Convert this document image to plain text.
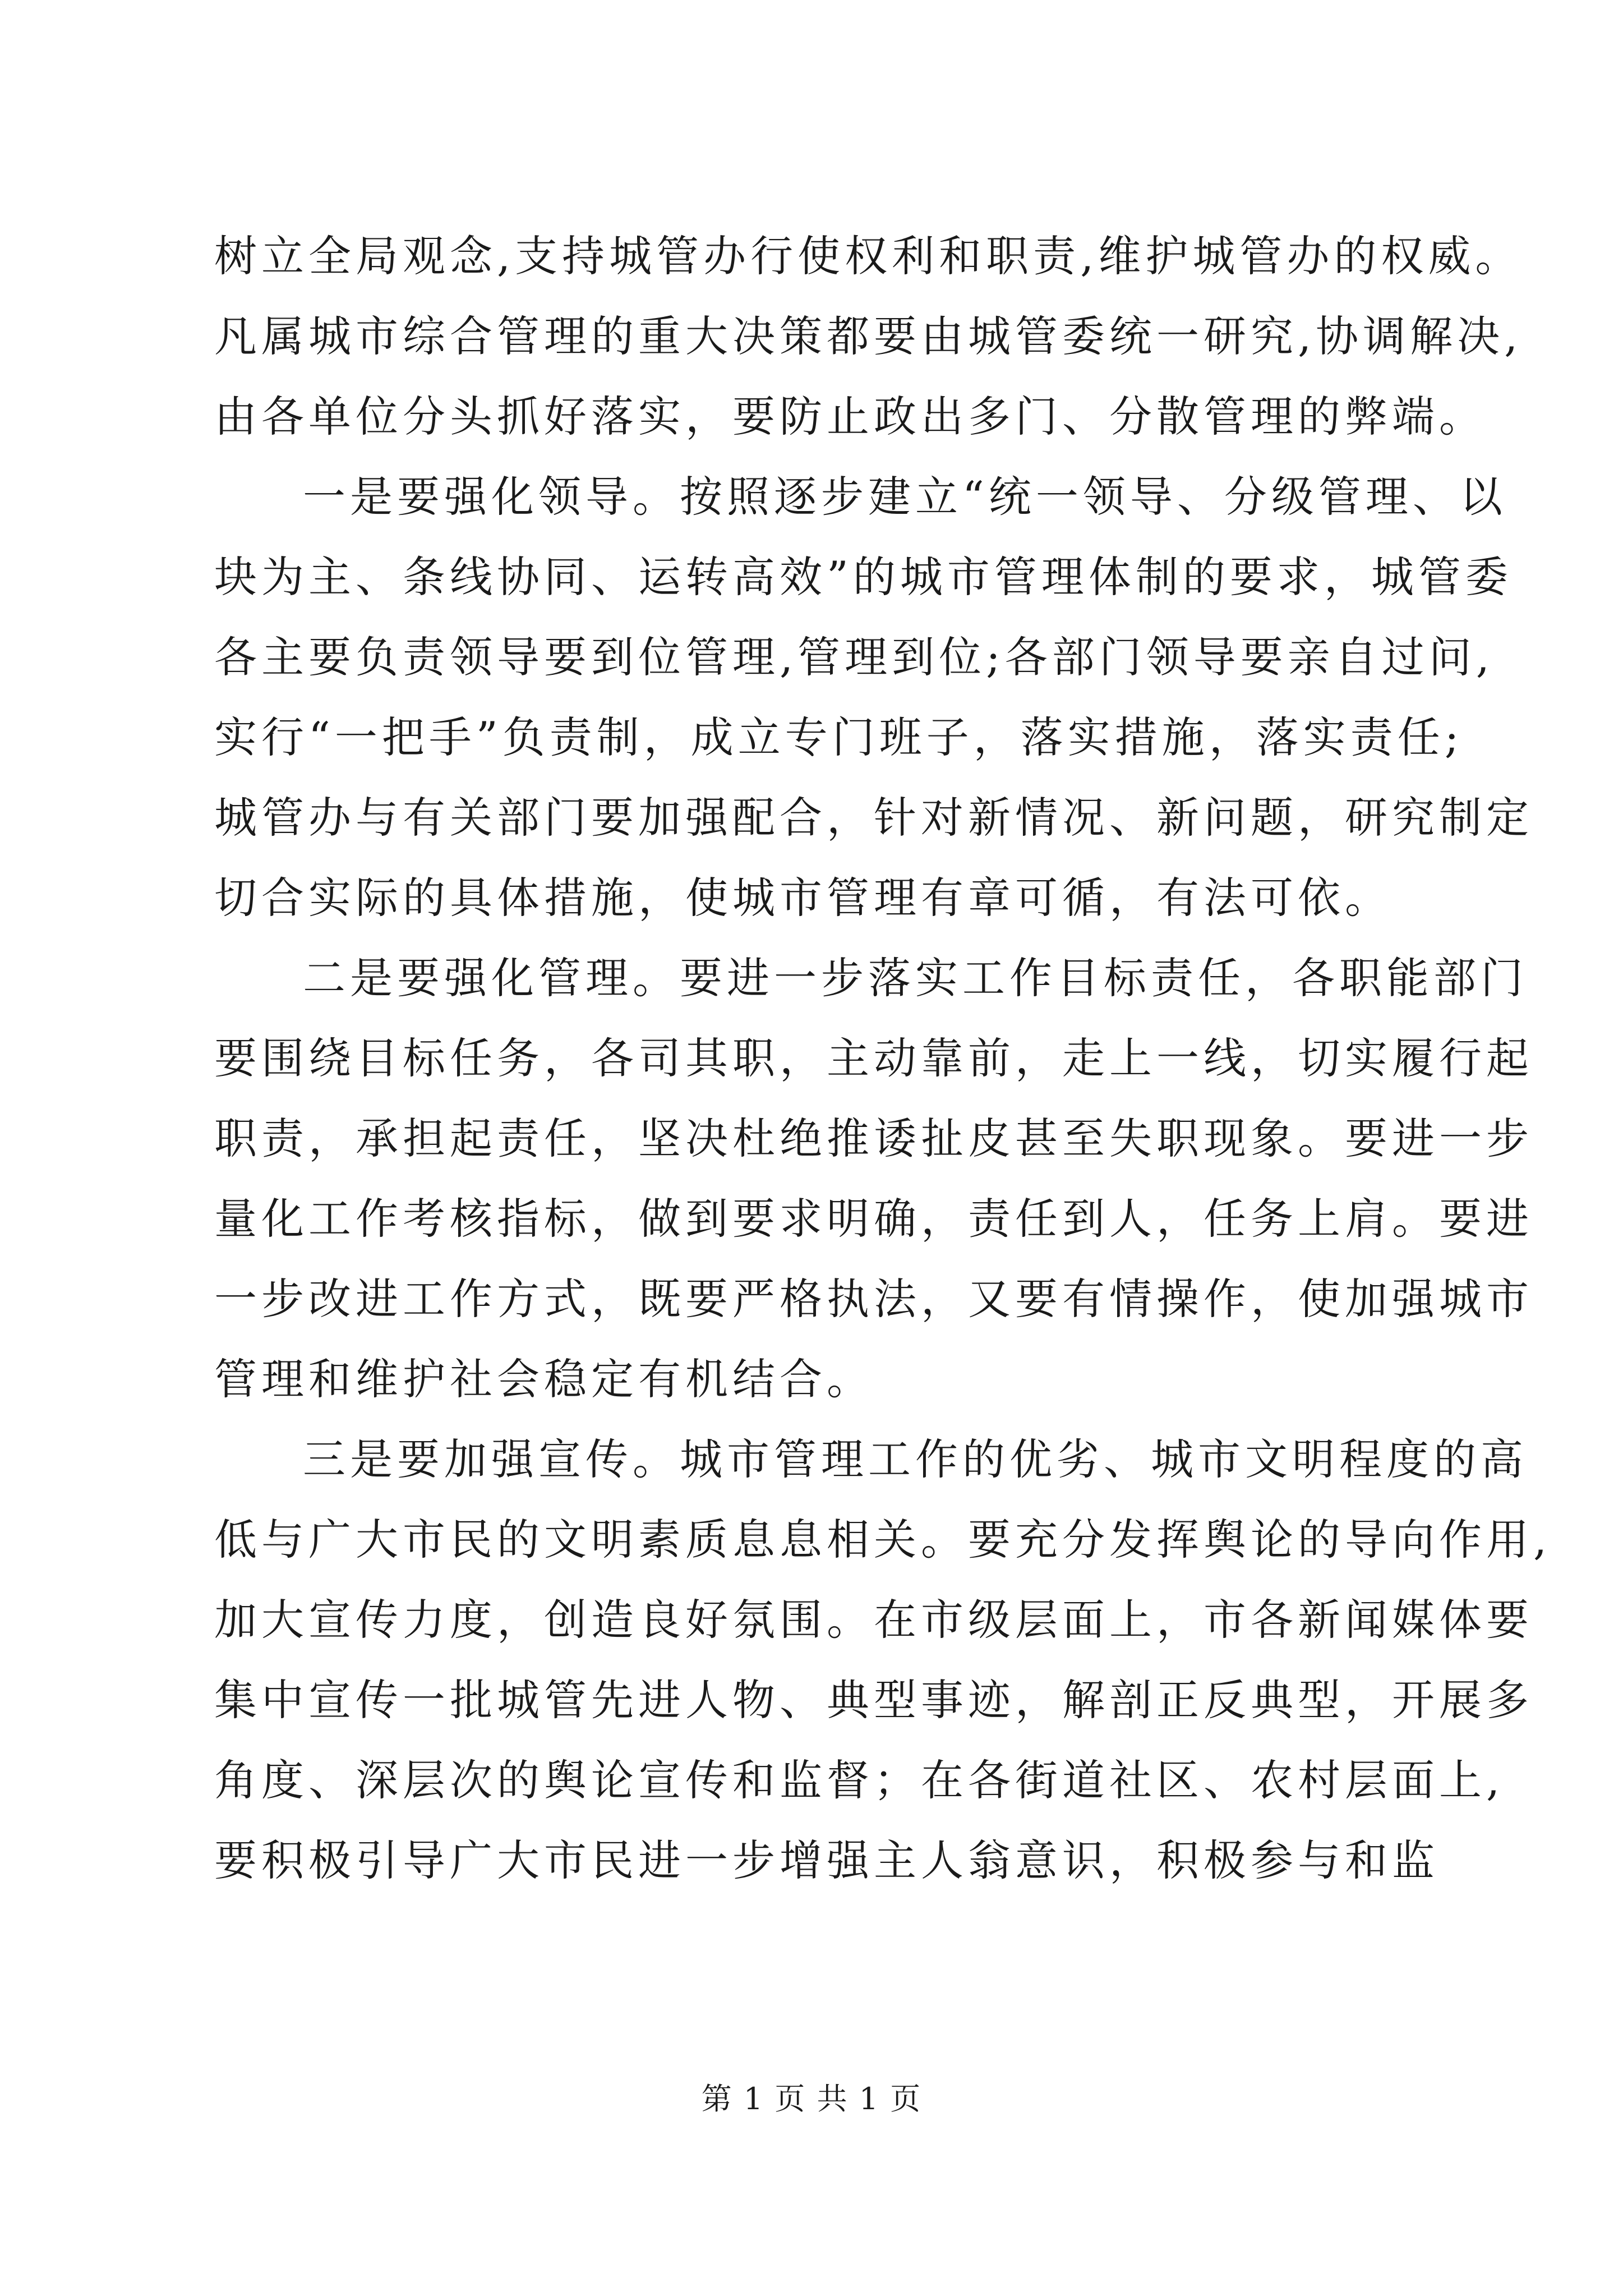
树立全局观念,支持城管办行使权利和职责,维护城管办的权威。
凡属城市综合管理的重大决策都要由城管委统一研究,协调解决,
由各单位分头抓好落实，要防止政出多门、分散管理的弊端。
一是要强化领导。按照逐步建立“统一领导、分级管理、以
块为主、条线协同、运转高效”的城市管理体制的要求，城管委
各主要负责领导要到位管理,管理到位;各部门领导要亲自过问,
实行“一把手”负责制，成立专门班子，落实措施，落实责任;
城管办与有关部门要加强配合，针对新情况、新问题，研究制定
切合实际的具体措施，使城市管理有章可循，有法可依。
二是要强化管理。要进一步落实工作目标责任，各职能部门
要围绕目标任务，各司其职，主动靠前，走上一线，切实履行起
职责，承担起责任，坚决杜绝推诿扯皮甚至失职现象。要进一步
量化工作考核指标，做到要求明确，责任到人，任务上肩。要进
一步改进工作方式，既要严格执法，又要有情操作，使加强城市
管理和维护社会稳定有机结合。
三是要加强宣传。城市管理工作的优劣、城市文明程度的高
低与广大市民的文明素质息息相关。要充分发挥舆论的导向作用,
加大宣传力度，创造良好氛围。在市级层面上，市各新闻媒体要
集中宣传一批城管先进人物、典型事迹，解剖正反典型，开展多
角度、深层次的舆论宣传和监督；在各街道社区、农村层面上,
要积极引导广大市民进一步增强主人翁意识，积极参与和监
第 1 页 共 1 页
